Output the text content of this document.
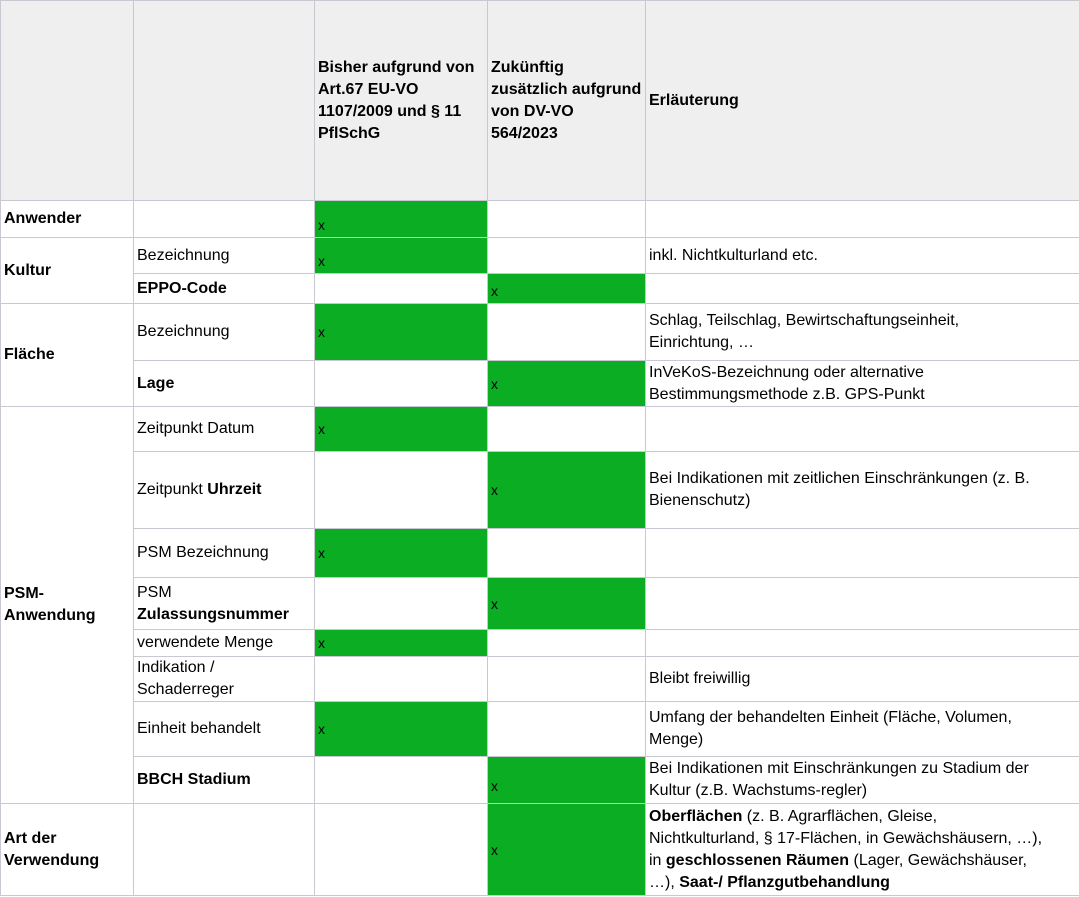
		Bisher aufgrund von Art.67 EU-VO 1107/2009 und § 11 PflSchG	Zukünftig zusätzlich aufgrund von DV-VO 564/2023	Erläuterung
Anwender		x		
Kultur	Bezeichnung	x		inkl. Nichtkulturland etc.
	EPPO-Code		x	
Fläche	Bezeichnung	x		Schlag, Teilschlag, Bewirtschaftungseinheit,
Einrichtung, …
	Lage		x	InVeKoS-Bezeichnung oder alternative
Bestimmungsmethode z.B. GPS-Punkt
PSM-
Anwendung	Zeitpunkt Datum	x		
	Zeitpunkt Uhrzeit		x	Bei Indikationen mit zeitlichen Einschränkungen (z. B.
Bienenschutz)
	PSM Bezeichnung	x		
	PSM
Zulassungsnummer		x	
	verwendete Menge	x		
	Indikation /
Schaderreger			Bleibt freiwillig
	Einheit behandelt	x		Umfang der behandelten Einheit (Fläche, Volumen,
Menge)
	BBCH Stadium		x	Bei Indikationen mit Einschränkungen zu Stadium der
Kultur (z.B. Wachstums-regler)
Art der
Verwendung			x	Oberflächen (z. B. Agrarflächen, Gleise,
Nichtkulturland, § 17-Flächen, in Gewächshäusern, …),
in geschlossenen Räumen (Lager, Gewächshäuser,
…), Saat-/ Pflanzgutbehandlung
